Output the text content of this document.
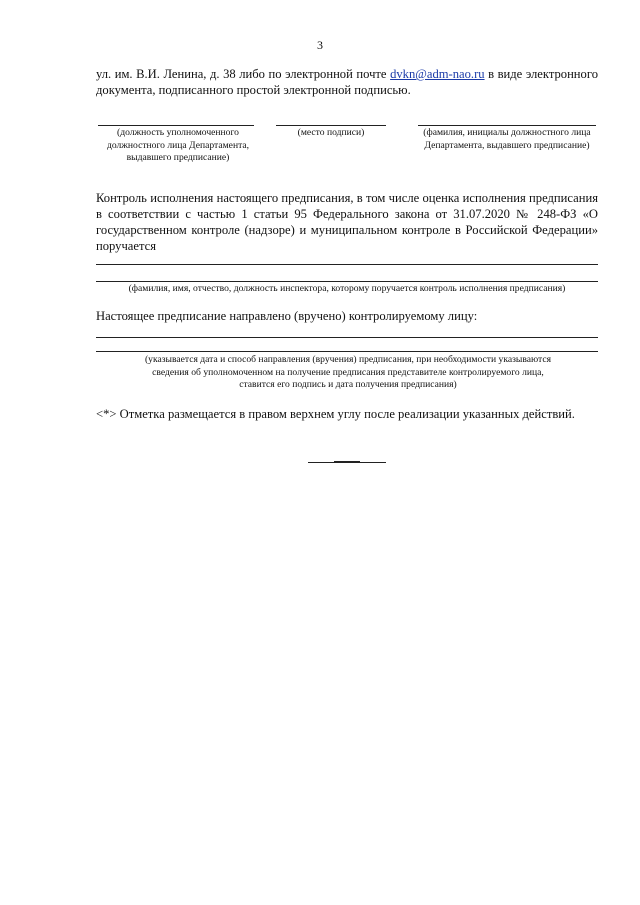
3
ул. им. В.И. Ленина, д. 38 либо по электронной почте dvkn@adm-nao.ru в виде электронного документа, подписанного простой электронной подписью.
(должность уполномоченного должностного лица Департамента, выдавшего предписание)
(место подписи)	(фамилия, инициалы должностного лица Департамента, выдавшего предписание)
Контроль исполнения настоящего предписания, в том числе оценка исполнения предписания в соответствии с частью 1 статьи 95 Федерального закона от 31.07.2020 № 248-ФЗ «О государственном контроле (надзоре) и муниципальном контроле в Российской Федерации» поручается
(фамилия, имя, отчество, должность инспектора, которому поручается контроль исполнения предписания)
Настоящее предписание направлено (вручено) контролируемому лицу:
(указывается дата и способ направления (вручения) предписания, при необходимости указываются сведения об уполномоченном на получение предписания представителе контролируемого лица, ставится его подпись и дата получения предписания)
<*> Отметка размещается в правом верхнем углу после реализации указанных действий.
